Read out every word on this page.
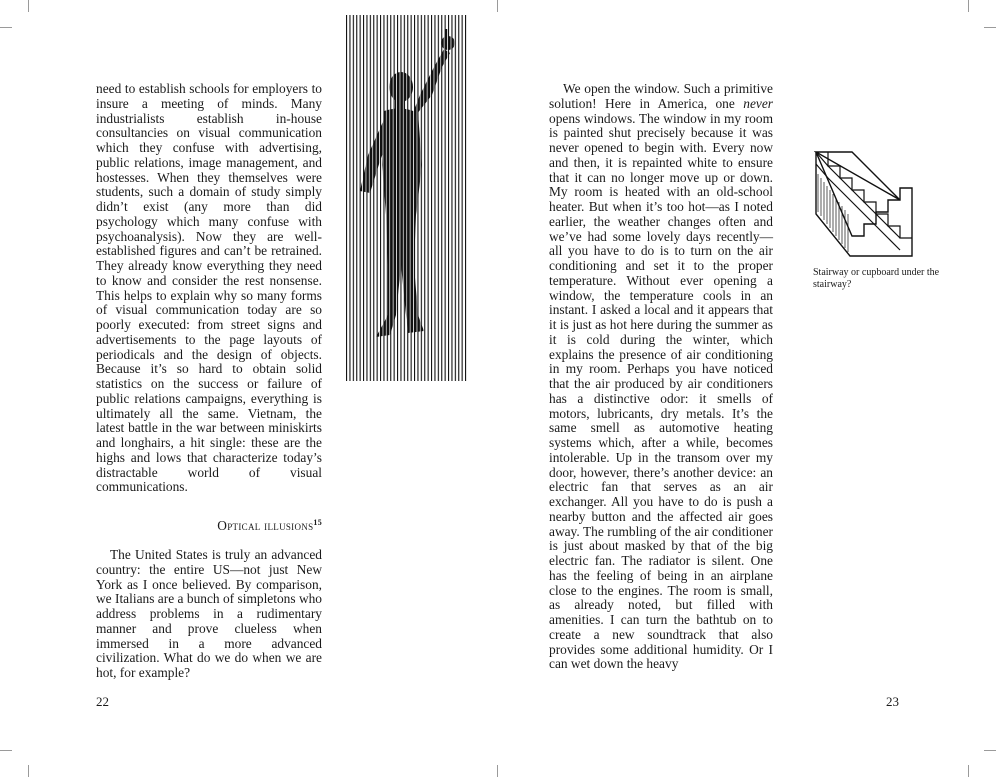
need to establish schools for employers to insure a meeting of minds. Many industrialists establish in-house consultancies on visual communication which they confuse with advertising, public relations, image management, and hostesses. When they themselves were students, such a domain of study simply didn’t exist (any more than did psychology which many confuse with psychoanalysis). Now they are well-established figures and can’t be retrained. They already know everything they need to know and consider the rest nonsense. This helps to explain why so many forms of visual communication today are so poorly executed: from street signs and advertisements to the page layouts of periodicals and the design of objects. Because it’s so hard to obtain solid statistics on the success or failure of public relations campaigns, everything is ultimately all the same. Vietnam, the latest battle in the war between miniskirts and longhairs, a hit single: these are the highs and lows that characterize today’s distractable world of visual communications.

Optical illusions$^{15}$

The United States is truly an advanced country: the entire US—not just New York as I once believed. By comparison, we Italians are a bunch of simpletons who address problems in a rudimentary manner and prove clueless when immersed in a more advanced civilization. What do we do when we are hot, for example?

22

We open the window. Such a primitive solution! Here in America, one never opens windows. The window in my room is painted shut precisely because it was never opened to begin with. Every now and then, it is repainted white to ensure that it can no longer move up or down. My room is heated with an old-school heater. But when it’s too hot—as I noted earlier, the weather changes often and we’ve had some lovely days recently—all you have to do is to turn on the air conditioning and set it to the proper temperature. Without ever opening a window, the temperature cools in an instant. I asked a local and it appears that it is just as hot here during the summer as it is cold during the winter, which explains the presence of air conditioning in my room. Perhaps you have noticed that the air produced by air conditioners has a distinctive odor: it smells of motors, lubricants, dry metals. It’s the same smell as automotive heating systems which, after a while, becomes intolerable. Up in the transom over my door, however, there’s another device: an electric fan that serves as an air exchanger. All you have to do is push a nearby button and the affected air goes away. The rumbling of the air conditioner is just about masked by that of the big electric fan. The radiator is silent. One has the feeling of being in an airplane close to the engines. The room is small, as already noted, but filled with amenities. I can turn the bathtub on to create a new soundtrack that also provides some additional humidity. Or I can wet down the heavy

Stairway or cupboard under the stairway?
23
